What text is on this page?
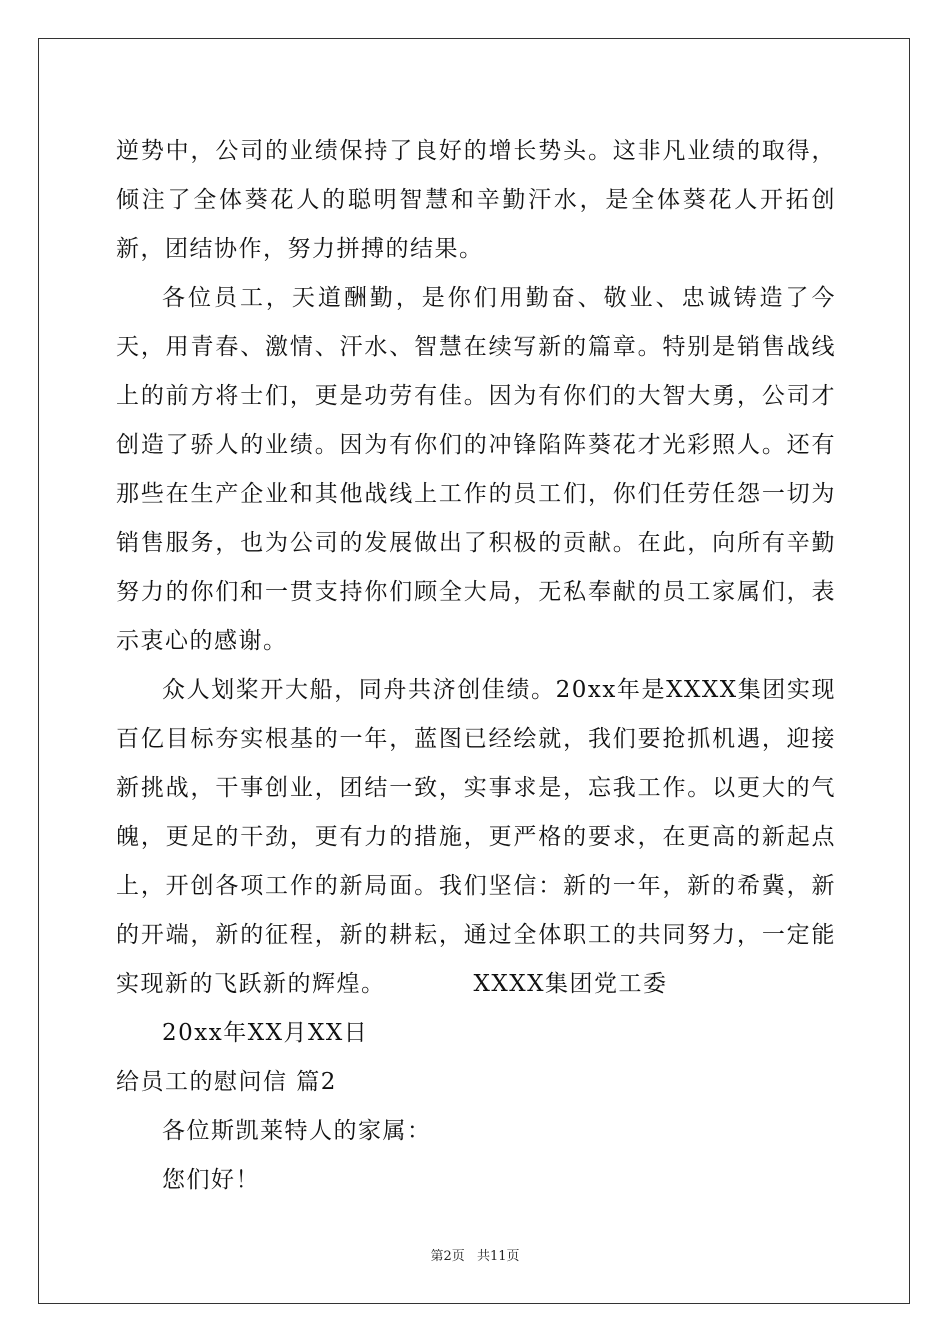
逆势中，公司的业绩保持了良好的增长势头。这非凡业绩的取得，倾注了全体葵花人的聪明智慧和辛勤汗水，是全体葵花人开拓创新，团结协作，努力拼搏的结果。

各位员工，天道酬勤，是你们用勤奋、敬业、忠诚铸造了今天，用青春、激情、汗水、智慧在续写新的篇章。特别是销售战线上的前方将士们，更是功劳有佳。因为有你们的大智大勇，公司才创造了骄人的业绩。因为有你们的冲锋陷阵葵花才光彩照人。还有那些在生产企业和其他战线上工作的员工们，你们任劳任怨一切为销售服务，也为公司的发展做出了积极的贡献。在此，向所有辛勤努力的你们和一贯支持你们顾全大局，无私奉献的员工家属们，表示衷心的感谢。

众人划桨开大船，同舟共济创佳绩。20xx年是XXXX集团实现百亿目标夯实根基的一年，蓝图已经绘就，我们要抢抓机遇，迎接新挑战，干事创业，团结一致，实事求是，忘我工作。以更大的气魄，更足的干劲，更有力的措施，更严格的要求，在更高的新起点上，开创各项工作的新局面。我们坚信：新的一年，新的希冀，新的开端，新的征程，新的耕耘，通过全体职工的共同努力，一定能实现新的飞跃新的辉煌。	XXXX集团党工委

20xx年XX月XX日

给员工的慰问信 篇2

各位斯凯莱特人的家属：

您们好！

第2页 共11页
